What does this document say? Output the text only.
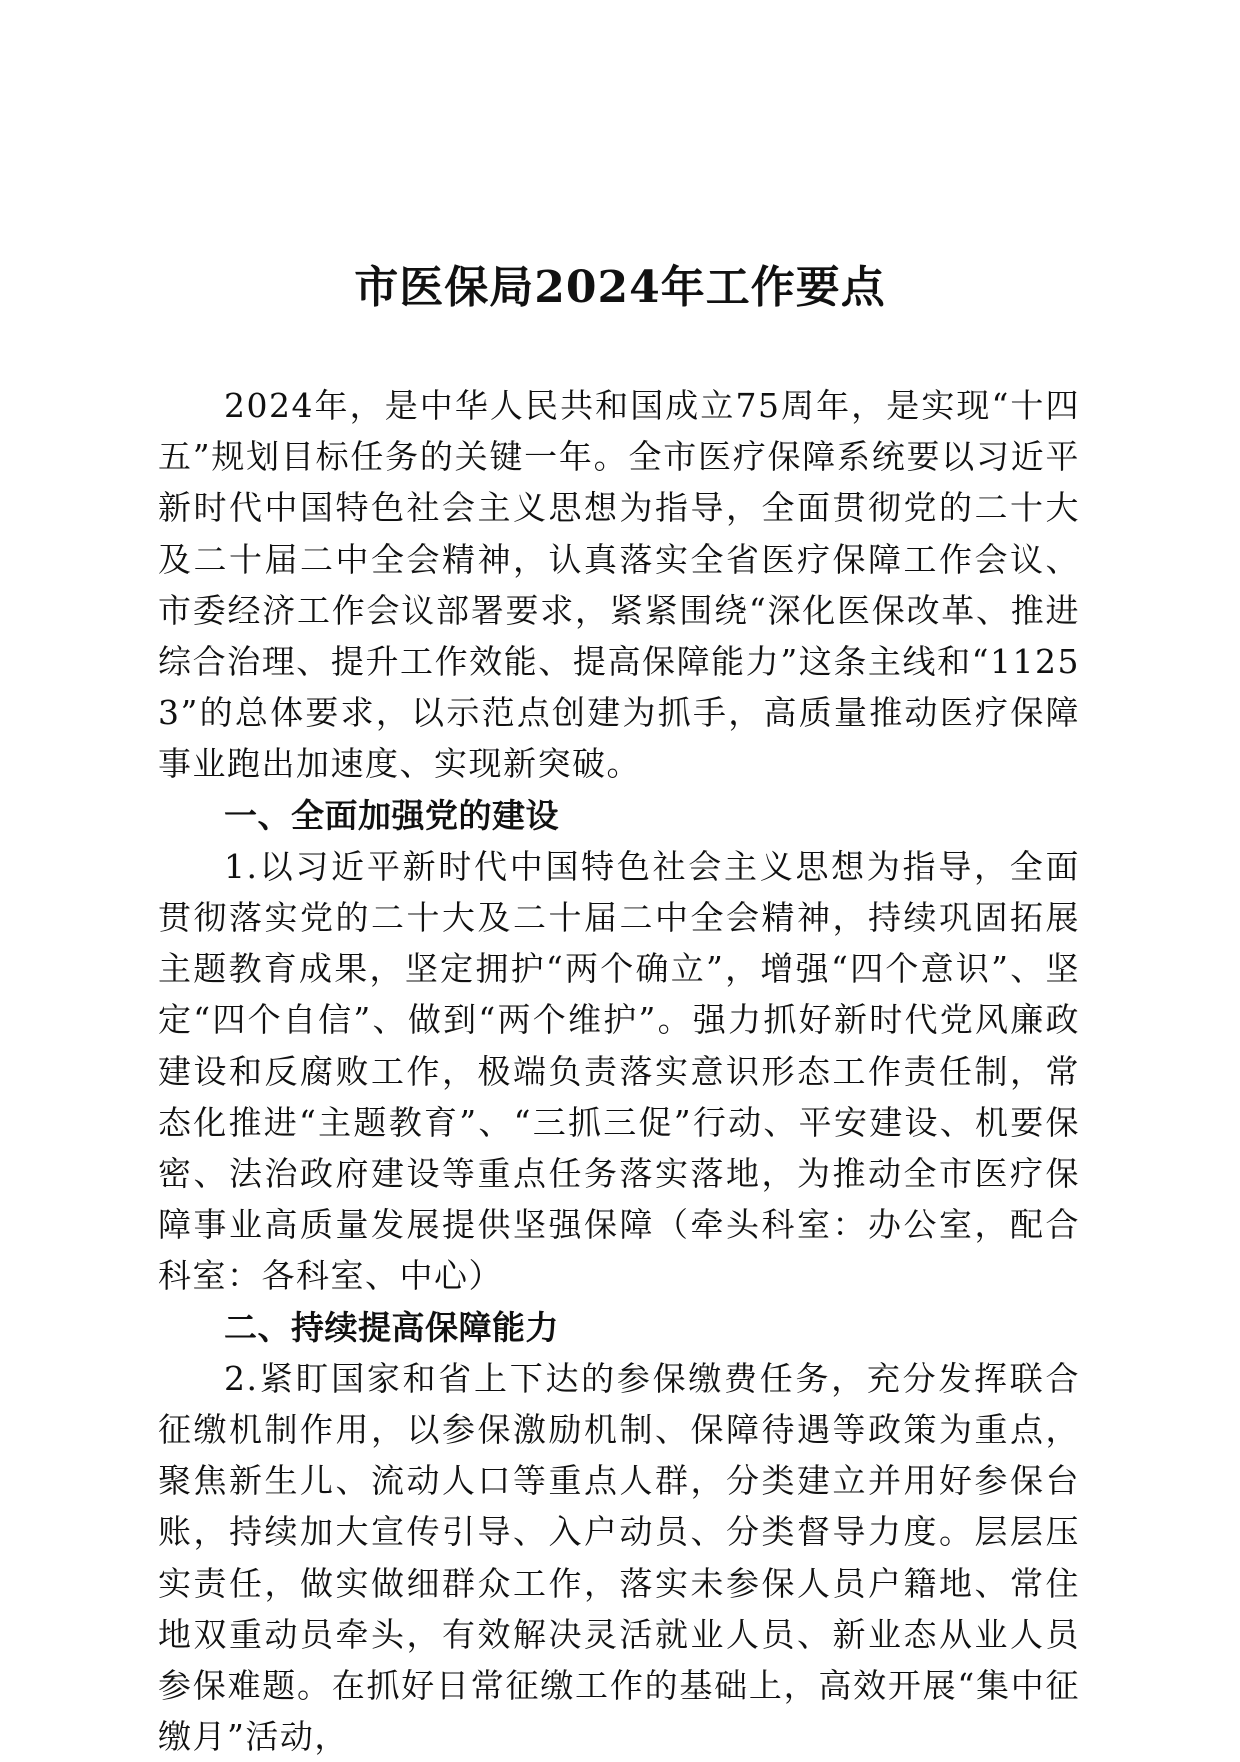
市医保局2024年工作要点

2024年，是中华人民共和国成立75周年，是实现“十四五”规划目标任务的关键一年。全市医疗保障系统要以习近平新时代中国特色社会主义思想为指导，全面贯彻党的二十大及二十届二中全会精神，认真落实全省医疗保障工作会议、市委经济工作会议部署要求，紧紧围绕“深化医保改革、推进综合治理、提升工作效能、提高保障能力”这条主线和“11253”的总体要求，以示范点创建为抓手，高质量推动医疗保障事业跑出加速度、实现新突破。

一、全面加强党的建设

1.以习近平新时代中国特色社会主义思想为指导，全面贯彻落实党的二十大及二十届二中全会精神，持续巩固拓展主题教育成果，坚定拥护“两个确立”，增强“四个意识”、坚定“四个自信”、做到“两个维护”。强力抓好新时代党风廉政建设和反腐败工作，极端负责落实意识形态工作责任制，常态化推进“主题教育”、“三抓三促”行动、平安建设、机要保密、法治政府建设等重点任务落实落地，为推动全市医疗保障事业高质量发展提供坚强保障（牵头科室：办公室，配合科室：各科室、中心）

二、持续提高保障能力

2.紧盯国家和省上下达的参保缴费任务，充分发挥联合征缴机制作用，以参保激励机制、保障待遇等政策为重点，聚焦新生儿、流动人口等重点人群，分类建立并用好参保台账，持续加大宣传引导、入户动员、分类督导力度。层层压实责任，做实做细群众工作，落实未参保人员户籍地、常住地双重动员牵头，有效解决灵活就业人员、新业态从业人员参保难题。在抓好日常征缴工作的基础上，高效开展“集中征缴月”活动，
